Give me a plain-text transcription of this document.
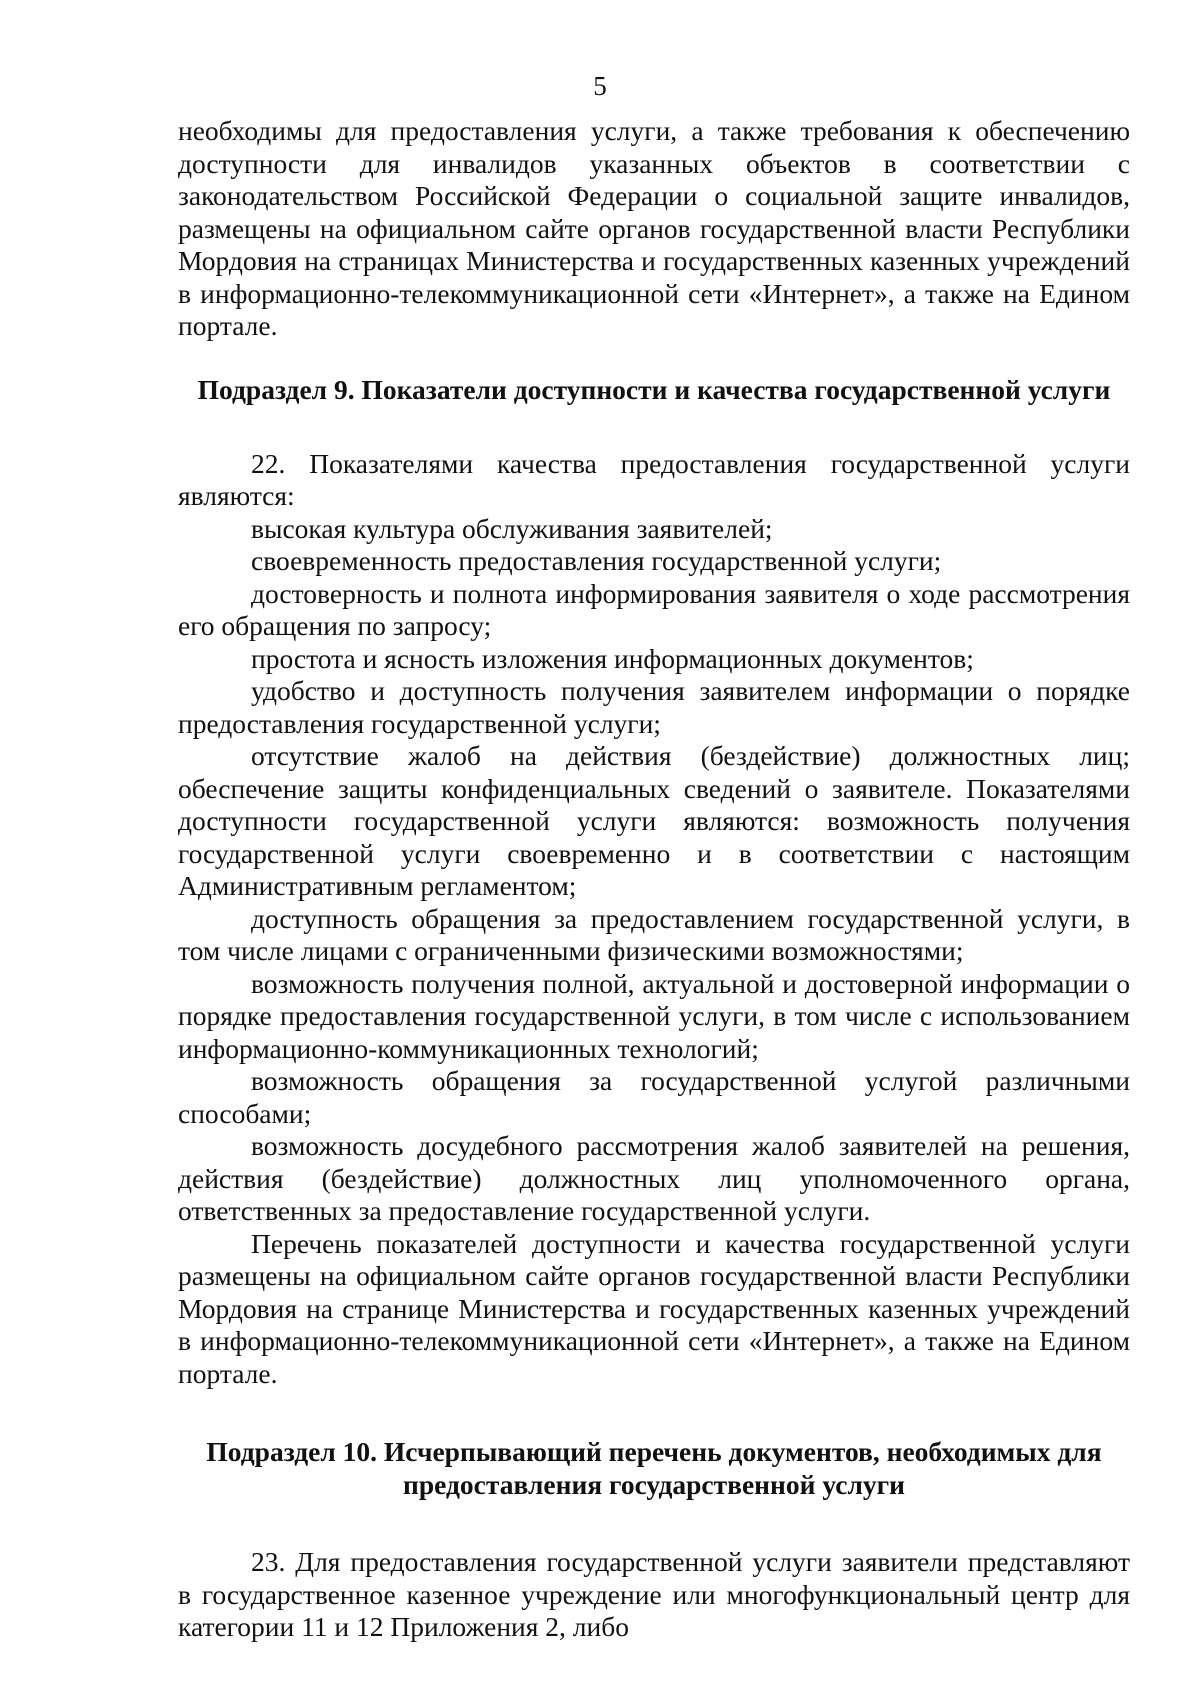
5

необходимы для предоставления услуги, а также требования к обеспечению доступности для инвалидов указанных объектов в соответствии с законодательством Российской Федерации о социальной защите инвалидов, размещены на официальном сайте органов государственной власти Республики Мордовия на страницах Министерства и государственных казенных учреждений в информационно-телекоммуникационной сети «Интернет», а также на Едином портале.

Подраздел 9. Показатели доступности и качества государственной услуги

22. Показателями качества предоставления государственной услуги являются:

высокая культура обслуживания заявителей;

своевременность предоставления государственной услуги;

достоверность и полнота информирования заявителя о ходе рассмотрения его обращения по запросу;

простота и ясность изложения информационных документов;

удобство и доступность получения заявителем информации о порядке предоставления государственной услуги;

отсутствие жалоб на действия (бездействие) должностных лиц; обеспечение защиты конфиденциальных сведений о заявителе. Показателями доступности государственной услуги являются: возможность получения государственной услуги своевременно и в соответствии с настоящим Административным регламентом;

доступность обращения за предоставлением государственной услуги, в том числе лицами с ограниченными физическими возможностями;

возможность получения полной, актуальной и достоверной информации о порядке предоставления государственной услуги, в том числе с использованием информационно-коммуникационных технологий;

возможность обращения за государственной услугой различными способами;

возможность досудебного рассмотрения жалоб заявителей на решения, действия (бездействие) должностных лиц уполномоченного органа, ответственных за предоставление государственной услуги.

Перечень показателей доступности и качества государственной услуги размещены на официальном сайте органов государственной власти Республики Мордовия на странице Министерства и государственных казенных учреждений в информационно-телекоммуникационной сети «Интернет», а также на Едином портале.

Подраздел 10. Исчерпывающий перечень документов, необходимых для предоставления государственной услуги

23. Для предоставления государственной услуги заявители представляют в государственное казенное учреждение или многофункциональный центр для категории 11 и 12 Приложения 2, либо
